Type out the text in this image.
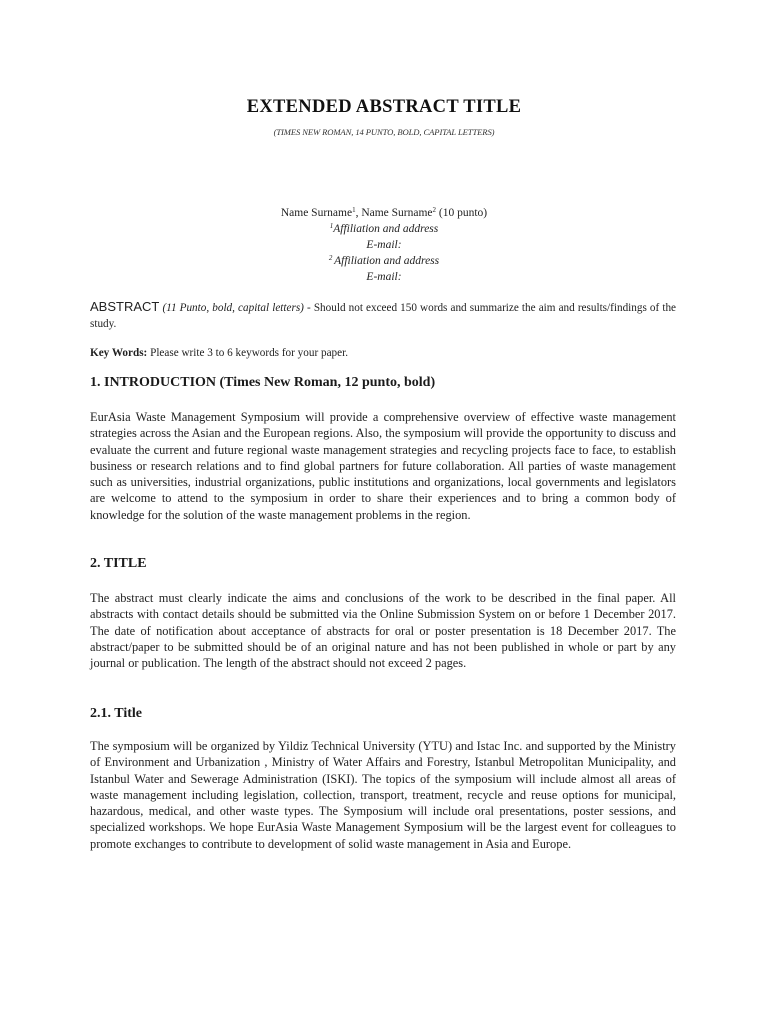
EXTENDED ABSTRACT TITLE
(TIMES NEW ROMAN, 14 PUNTO, BOLD, CAPITAL LETTERS)
Name Surname$^1$, Name Surname$^2$ (10 punto)
$^1$Affiliation and address
E-mail:
$^2$ Affiliation and address
E-mail:
ABSTRACT (11 Punto, bold, capital letters) - Should not exceed 150 words and summarize the aim and results/findings of the study.
Key Words: Please write 3 to 6 keywords for your paper.
1. INTRODUCTION (Times New Roman, 12 punto, bold)
EurAsia Waste Management Symposium will provide a comprehensive overview of effective waste management strategies across the Asian and the European regions. Also, the symposium will provide the opportunity to discuss and evaluate the current and future regional waste management strategies and recycling projects face to face, to establish business or research relations and to find global partners for future collaboration. All parties of waste management such as universities, industrial organizations, public institutions and organizations, local governments and legislators are welcome to attend to the symposium in order to share their experiences and to bring a common body of knowledge for the solution of the waste management problems in the region.
2. TITLE
The abstract must clearly indicate the aims and conclusions of the work to be described in the final paper. All abstracts with contact details should be submitted via the Online Submission System on or before 1 December 2017. The date of notification about acceptance of abstracts for oral or poster presentation is 18 December 2017. The abstract/paper to be submitted should be of an original nature and has not been published in whole or part by any journal or publication. The length of the abstract should not exceed 2 pages.
2.1. Title
The symposium will be organized by Yildiz Technical University (YTU) and Istac Inc. and supported by the Ministry of Environment and Urbanization , Ministry of Water Affairs and Forestry, Istanbul Metropolitan Municipality, and Istanbul Water and Sewerage Administration (ISKI). The topics of the symposium will include almost all areas of waste management including legislation, collection, transport, treatment, recycle and reuse options for municipal, hazardous, medical, and other waste types. The Symposium will include oral presentations, poster sessions, and specialized workshops. We hope EurAsia Waste Management Symposium will be the largest event for colleagues to promote exchanges to contribute to development of solid waste management in Asia and Europe.
